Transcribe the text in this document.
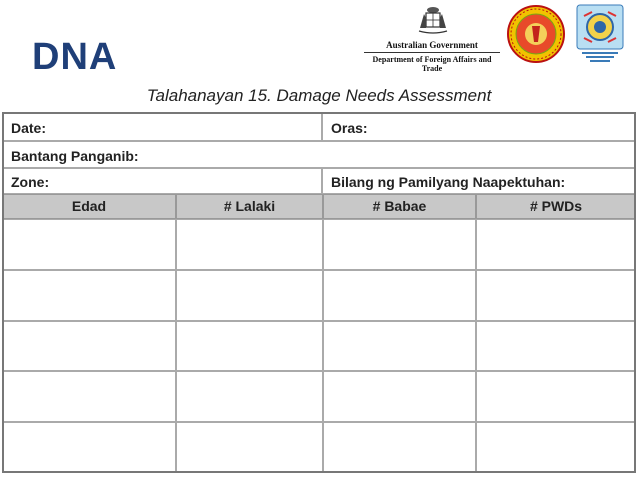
DNA	Australian Government
Department of Foreign Affairs and Trade
Talahanayan 15. Damage Needs Assessment
Date:	Oras:
Bantang Panganib:
Zone:	Bilang ng Pamilyang Naapektuhan:
Edad	# Lalaki	# Babae	# PWDs
